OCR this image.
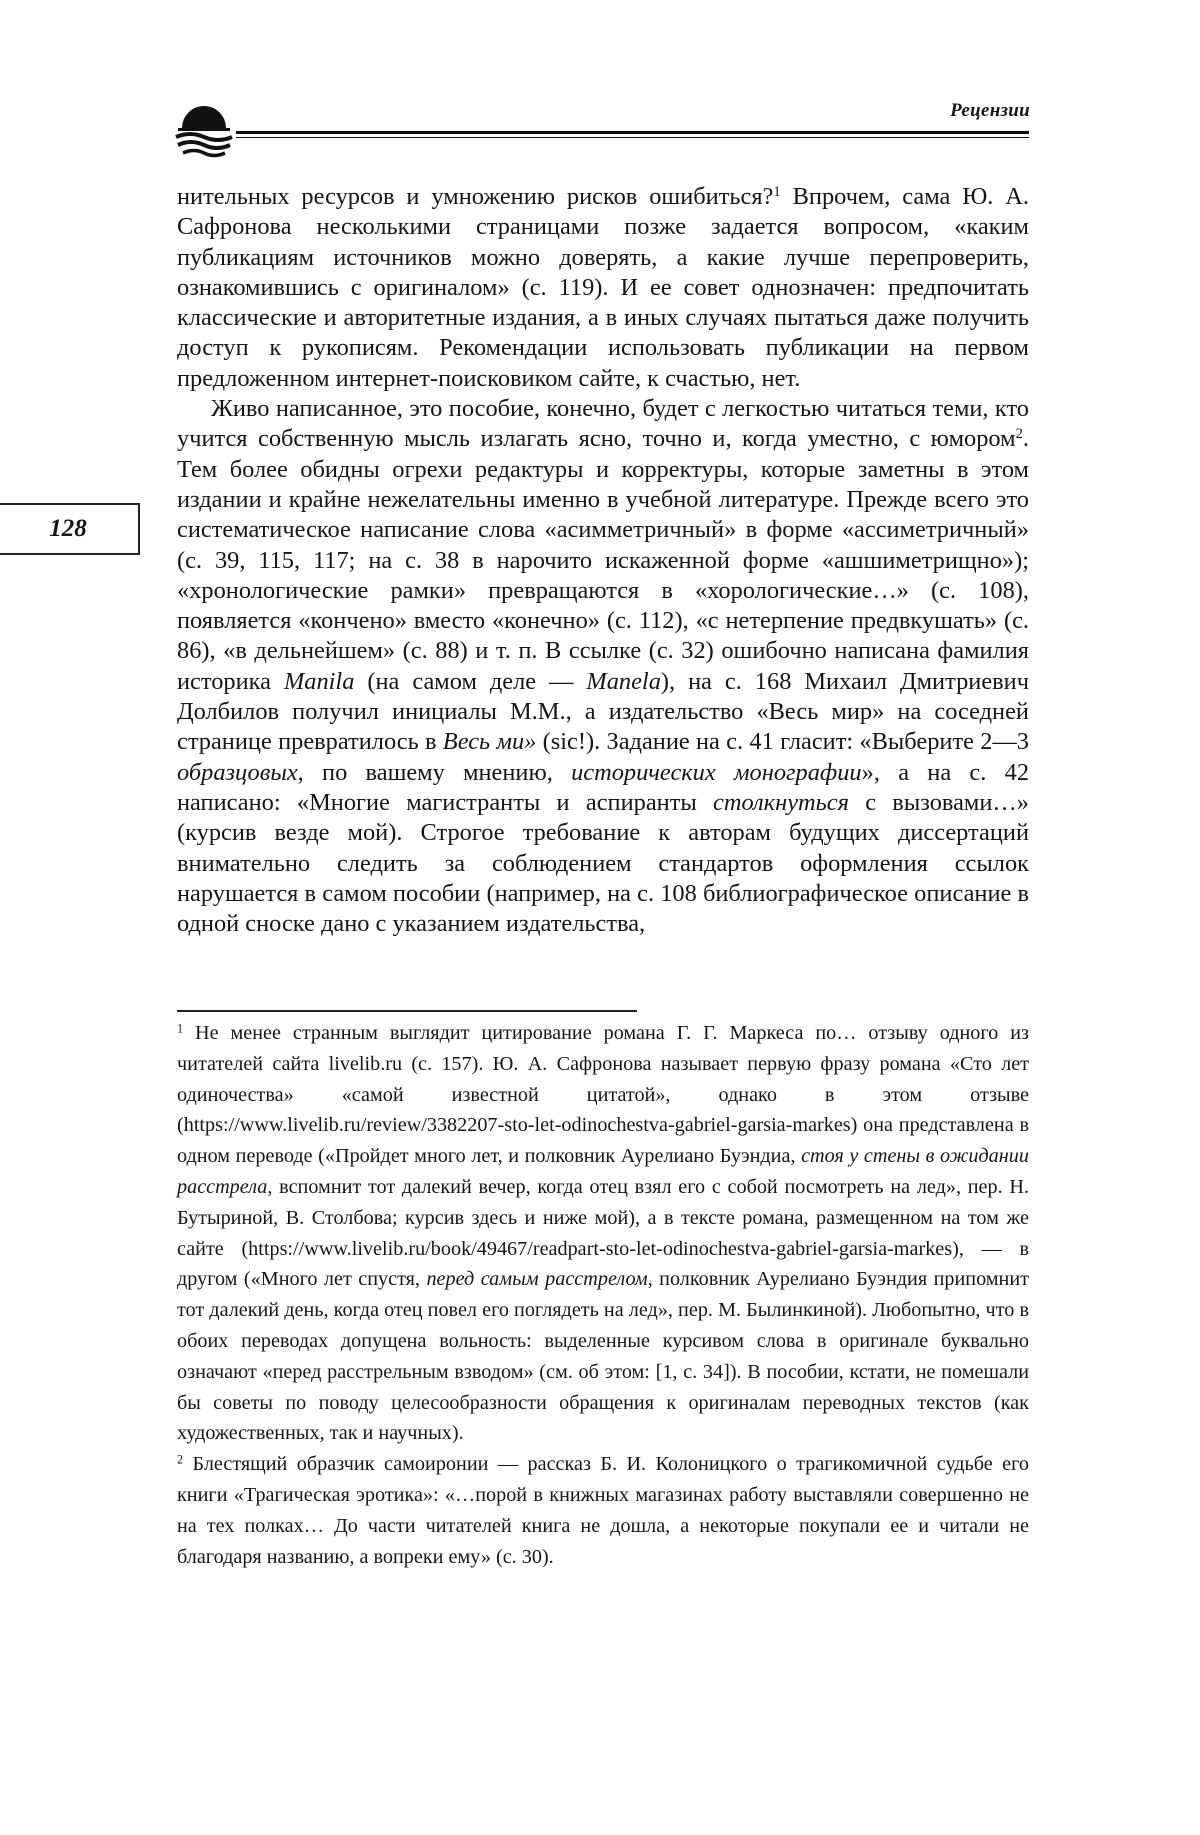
Рецензии
128

нительных ресурсов и умножению рисков ошибиться?$^1$ Впрочем, сама Ю. А. Сафронова несколькими страницами позже задается вопросом, «каким публикациям источников можно доверять, а какие лучше перепроверить, ознакомившись с оригиналом» (с. 119). И ее совет однозначен: предпочитать классические и авторитетные издания, а в иных случаях пытаться даже получить доступ к рукописям. Рекомендации использовать публикации на первом предложенном интернет-поисковиком сайте, к счастью, нет.

Живо написанное, это пособие, конечно, будет с легкостью читаться теми, кто учится собственную мысль излагать ясно, точно и, когда уместно, с юмором$^2$. Тем более обидны огрехи редактуры и корректуры, которые заметны в этом издании и крайне нежелательны именно в учебной литературе. Прежде всего это систематическое написание слова «асимметричный» в форме «ассиметричный» (с. 39, 115, 117; на с. 38 в нарочито искаженной форме «ашшиметрищно»); «хронологические рамки» превращаются в «хорологические…» (с. 108), появляется «кончено» вместо «конечно» (с. 112), «с нетерпение предвкушать» (с. 86), «в дельнейшем» (с. 88) и т. п. В ссылке (с. 32) ошибочно написана фамилия историка Manila (на самом деле — Manela), на с. 168 Михаил Дмитриевич Долбилов получил инициалы М.М., а издательство «Весь мир» на соседней странице превратилось в Весь ми» (sic!). Задание на с. 41 гласит: «Выберите 2—3 образцовых, по вашему мнению, исторических монографии», а на с. 42 написано: «Многие магистранты и аспиранты столкнуться с вызовами…» (курсив везде мой). Строгое требование к авторам будущих диссертаций внимательно следить за соблюдением стандартов оформления ссылок нарушается в самом пособии (например, на с. 108 библиографическое описание в одной сноске дано с указанием издательства,

$^1$ Не менее странным выглядит цитирование романа Г. Г. Маркеса по… отзыву одного из читателей сайта livelib.ru (с. 157). Ю. А. Сафронова называет первую фразу романа «Сто лет одиночества» «самой известной цитатой», однако в этом отзыве (https://www.livelib.ru/review/3382207-sto-let-odinochestva-gabriel-garsia-markes) она представлена в одном переводе («Пройдет много лет, и полковник Аурелиано Буэндиа, стоя у стены в ожидании расстрела, вспомнит тот далекий вечер, когда отец взял его с собой посмотреть на лед», пер. Н. Бутыриной, В. Столбова; курсив здесь и ниже мой), а в тексте романа, размещенном на том же сайте (https://www.livelib.ru/book/49467/readpart-sto-let-odinochestva-gabriel-garsia-markes), — в другом («Много лет спустя, перед самым расстрелом, полковник Аурелиано Буэндия припомнит тот далекий день, когда отец повел его поглядеть на лед», пер. М. Былинкиной). Любопытно, что в обоих переводах допущена вольность: выделенные курсивом слова в оригинале буквально означают «перед расстрельным взводом» (см. об этом: [1, с. 34]). В пособии, кстати, не помешали бы советы по поводу целесообразности обращения к оригиналам переводных текстов (как художественных, так и научных).

$^2$ Блестящий образчик самоиронии — рассказ Б. И. Колоницкого о трагикомичной судьбе его книги «Трагическая эротика»: «…порой в книжных магазинах работу выставляли совершенно не на тех полках… До части читателей книга не дошла, а некоторые покупали ее и читали не благодаря названию, а вопреки ему» (с. 30).
